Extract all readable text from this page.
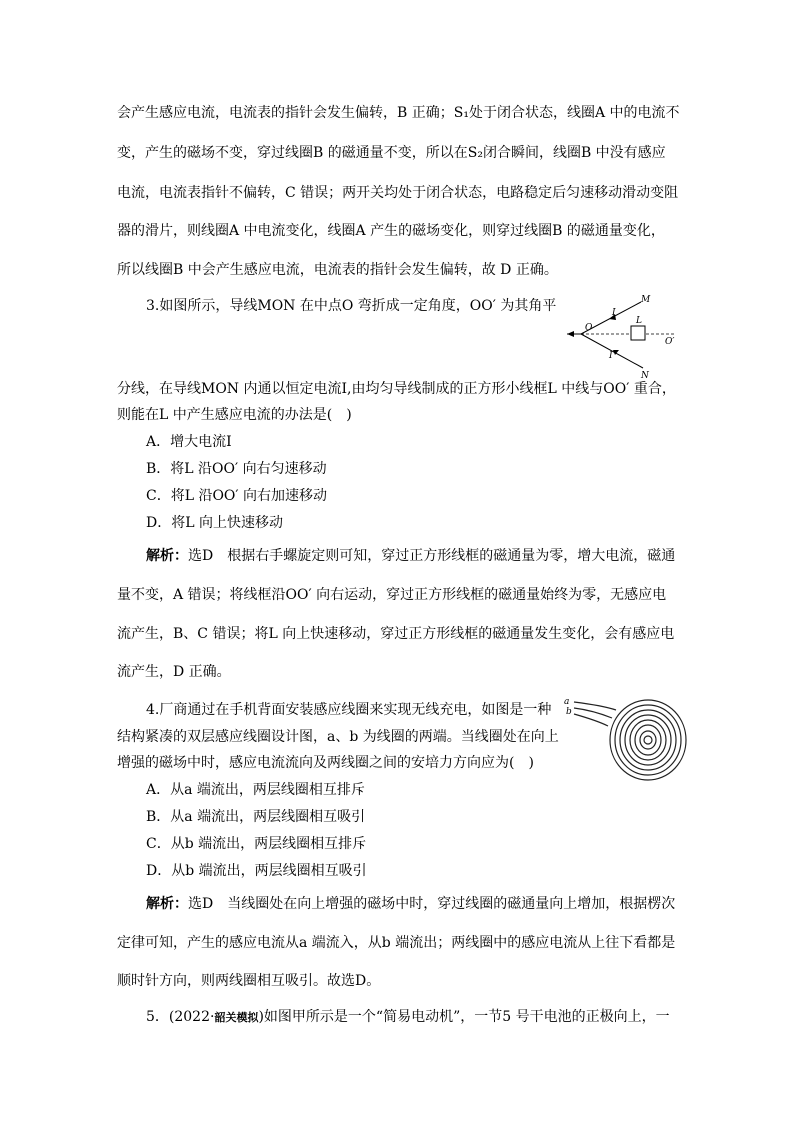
会产生感应电流，电流表的指针会发生偏转，B 正确；S₁处于闭合状态，线圈A 中的电流不
变，产生的磁场不变，穿过线圈B 的磁通量不变，所以在S₂闭合瞬间，线圈B 中没有感应
电流，电流表指针不偏转，C 错误；两开关均处于闭合状态，电路稳定后匀速移动滑动变阻
器的滑片，则线圈A 中电流变化，线圈A 产生的磁场变化，则穿过线圈B 的磁通量变化，
所以线圈B 中会产生感应电流，电流表的指针会发生偏转，故 D 正确。
3.如图所示，导线MON 在中点O 弯折成一定角度，OO′ 为其角平	M
O
L
O′
I
I
N
分线，在导线MON 内通以恒定电流I,由均匀导线制成的正方形小线框L 中线与OO′ 重合，
则能在L 中产生感应电流的办法是(　)
A．增大电流I
B．将L 沿OO′ 向右匀速移动
C．将L 沿OO′ 向右加速移动
D．将L 向上快速移动
解析：选D　根据右手螺旋定则可知，穿过正方形线框的磁通量为零，增大电流，磁通
量不变，A 错误；将线框沿OO′ 向右运动，穿过正方形线框的磁通量始终为零，无感应电
流产生，B、C 错误；将L 向上快速移动，穿过正方形线框的磁通量发生变化，会有感应电
流产生，D 正确。
4.厂商通过在手机背面安装感应线圈来实现无线充电，如图是一种
结构紧凑的双层感应线圈设计图，a、b 为线圈的两端。当线圈处在向上
增强的磁场中时，感应电流流向及两线圈之间的安培力方向应为(　)
a
b
A．从a 端流出，两层线圈相互排斥
B．从a 端流出，两层线圈相互吸引
C．从b 端流出，两层线圈相互排斥
D．从b 端流出，两层线圈相互吸引
解析：选D　当线圈处在向上增强的磁场中时，穿过线圈的磁通量向上增加，根据楞次
定律可知，产生的感应电流从a 端流入，从b 端流出；两线圈中的感应电流从上往下看都是
顺时针方向，则两线圈相互吸引。故选D。
5．(2022·韶关模拟)如图甲所示是一个“简易电动机”，一节5 号干电池的正极向上，一
